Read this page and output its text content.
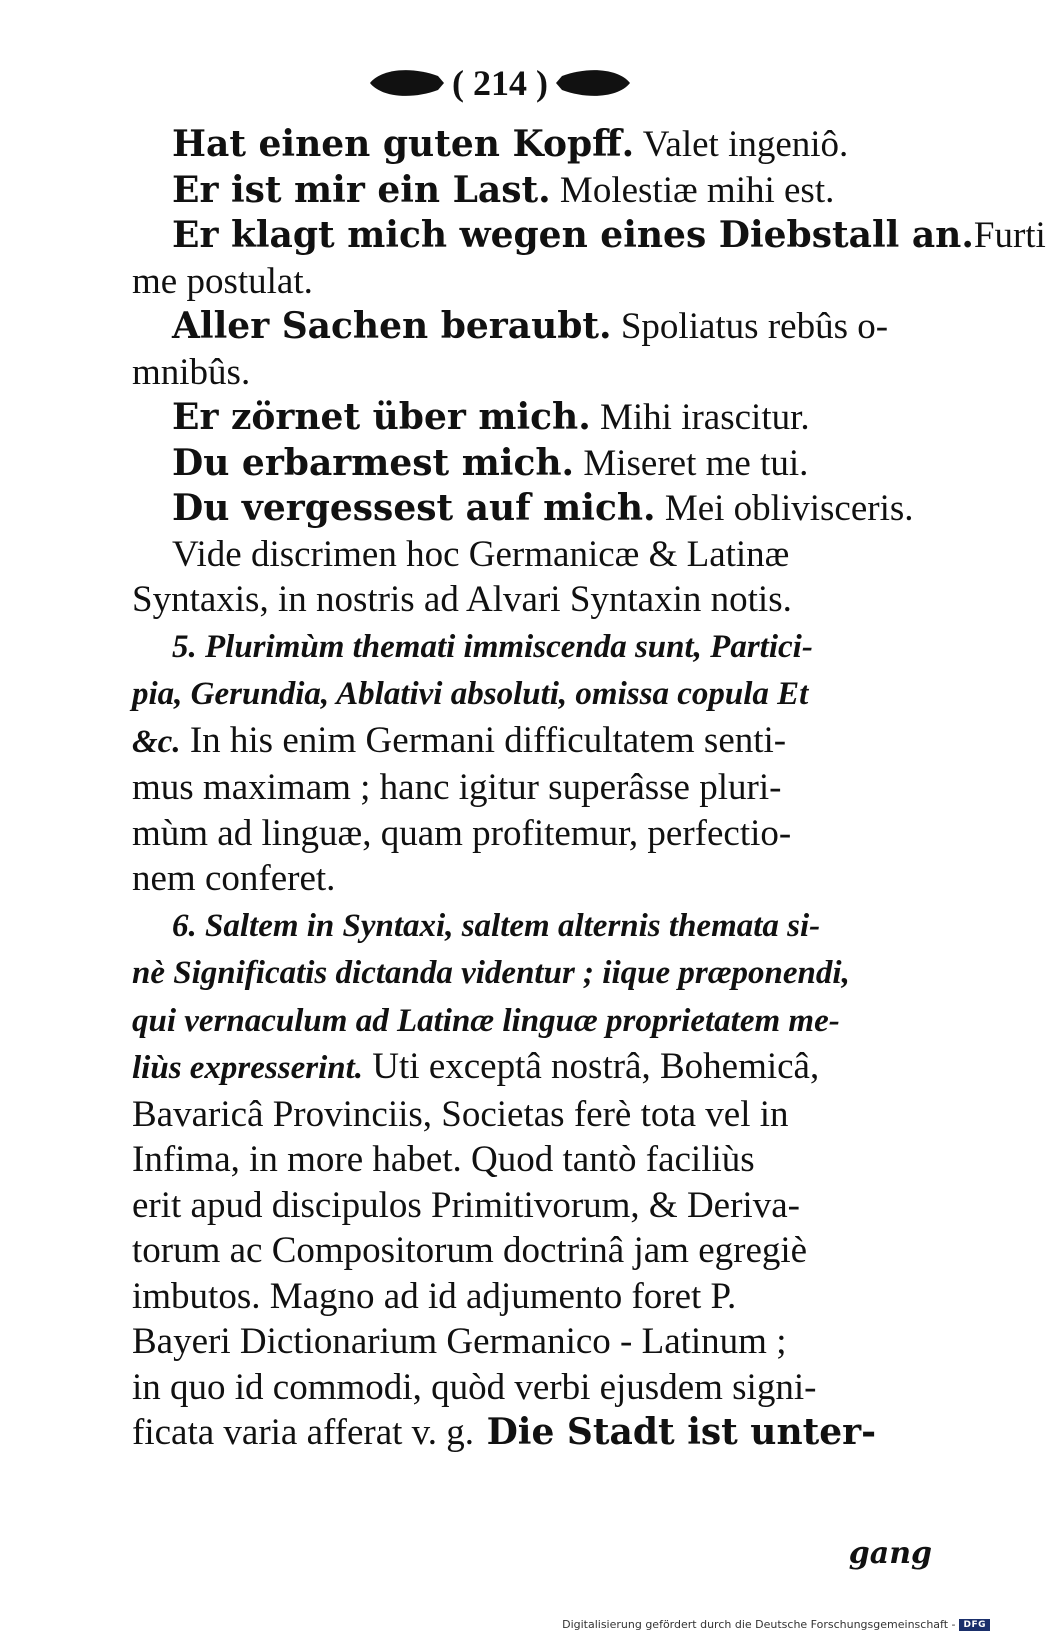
( 214 )
Hat einen guten Kopff. Valet ingeniô.
Er ist mir ein Last. Molestiæ mihi est.
Er klagt mich wegen eines Diebstall an.Furti
me postulat.
Aller Sachen beraubt. Spoliatus rebûs o-
mnibûs.
Er zörnet über mich. Mihi irascitur.
Du erbarmest mich. Miseret me tui.
Du vergessest auf mich. Mei oblivisceris.
Vide discrimen hoc Germanicæ & Latinæ
Syntaxis, in nostris ad Alvari Syntaxin notis.
5. Plurimùm themati immiscenda sunt, Partici-
pia, Gerundia, Ablativi absoluti, omissa copula Et
&c. In his enim Germani difficultatem senti-
mus maximam ; hanc igitur superâsse pluri-
mùm ad linguæ, quam profitemur, perfectio-
nem conferet.
6. Saltem in Syntaxi, saltem alternis themata si-
nè Significatis dictanda videntur ; iique præponendi,
qui vernaculum ad Latinæ linguæ proprietatem me-
liùs expresserint. Uti exceptâ nostrâ, Bohemicâ,
Bavaricâ Provinciis, Societas ferè tota vel in
Infima, in more habet. Quod tantò faciliùs
erit apud discipulos Primitivorum, & Deriva-
torum ac Compositorum doctrinâ jam egregiè
imbutos. Magno ad id adjumento foret P.
Bayeri Dictionarium Germanico - Latinum ;
in quo id commodi, quòd verbi ejusdem signi-
ficata varia afferat v. g. Die Stadt ist unter-
gang
Digitalisierung gefördert durch die Deutsche Forschungsgemeinschaft - DFG
